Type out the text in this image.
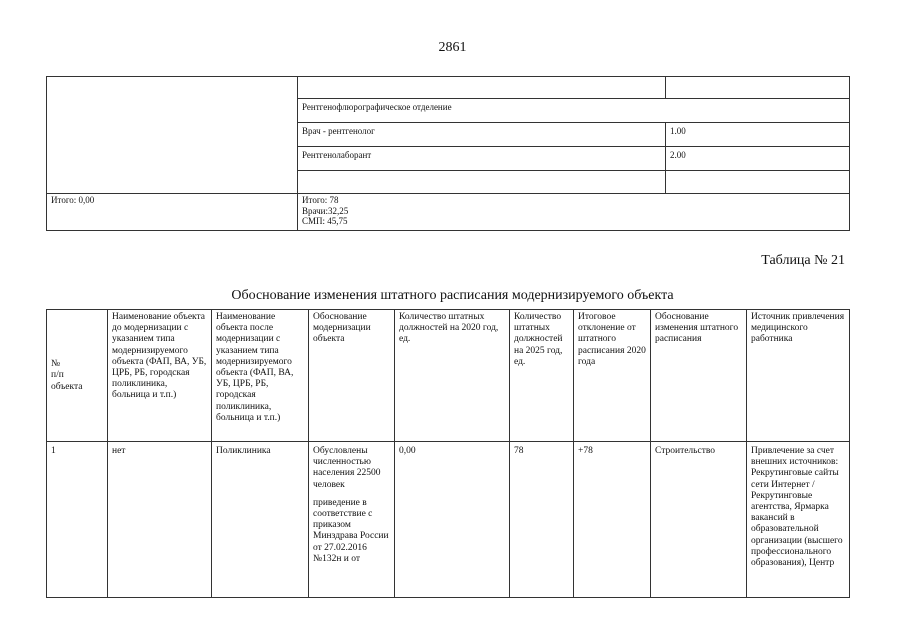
2861

	Рентгенофлюрографическое отделение	
	Врач - рентгенолог	1.00
	Рентгенолаборант	2.00

Итого: 0,00	Итого: 78
Врачи:32,25
СМП: 45,75	
Таблица № 21
Обоснование изменения штатного расписания модернизируемого объекта
№
п/п
объекта	Наименование объекта до модернизации с указанием типа модернизируемого объекта (ФАП, ВА, УБ, ЦРБ, РБ, городская поликлиника, больница и т.п.)	Наименование объекта после модернизации с указанием типа модернизируемого объекта (ФАП, ВА, УБ, ЦРБ, РБ, городская поликлиника, больница и т.п.)	Обоснование модернизации объекта	Количество штатных должностей на 2020 год, ед.	Количество штатных должностей на 2025 год, ед.	Итоговое отклонение от штатного расписания 2020 года	Обоснование изменения штатного расписания	Источник привлечения медицинского работника
1	нет	Поликлиника	Обусловлены численностью населения 22500 человек

приведение в соответствие с приказом Минздрава России от 27.02.2016 №132н и от	0,00	78	+78	Строительство	Привлечение за счет внешних источников: Рекрутинговые сайты сети Интернет / Рекрутинговые агентства, Ярмарка вакансий в образовательной организации (высшего профессионального образования), Центр
